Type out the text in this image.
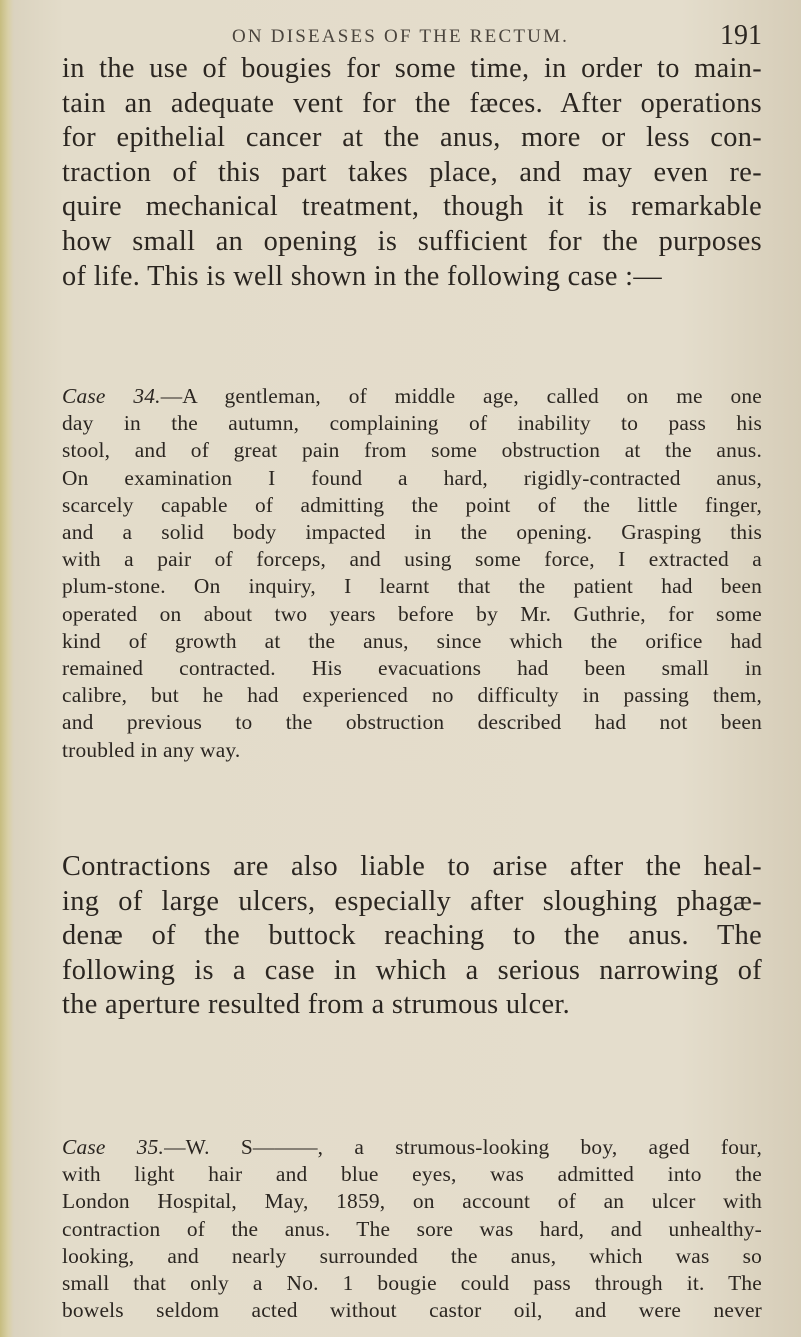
ON DISEASES OF THE RECTUM.	191
in the use of bougies for some time, in order to main-
tain an adequate vent for the fæces. After operations
for epithelial cancer at the anus, more or less con-
traction of this part takes place, and may even re-
quire mechanical treatment, though it is remarkable
how small an opening is sufficient for the purposes
of life. This is well shown in the following case :—
Case 34.—A gentleman, of middle age, called on me one
day in the autumn, complaining of inability to pass his
stool, and of great pain from some obstruction at the anus.
On examination I found a hard, rigidly-contracted anus,
scarcely capable of admitting the point of the little finger,
and a solid body impacted in the opening. Grasping this
with a pair of forceps, and using some force, I extracted a
plum-stone. On inquiry, I learnt that the patient had been
operated on about two years before by Mr. Guthrie, for some
kind of growth at the anus, since which the orifice had
remained contracted. His evacuations had been small in
calibre, but he had experienced no difficulty in passing them,
and previous to the obstruction described had not been
troubled in any way.
Contractions are also liable to arise after the heal-
ing of large ulcers, especially after sloughing phagæ-
denæ of the buttock reaching to the anus. The
following is a case in which a serious narrowing of
the aperture resulted from a strumous ulcer.
Case 35.—W. S———, a strumous-looking boy, aged four,
with light hair and blue eyes, was admitted into the
London Hospital, May, 1859, on account of an ulcer with
contraction of the anus. The sore was hard, and unhealthy-
looking, and nearly surrounded the anus, which was so
small that only a No. 1 bougie could pass through it. The
bowels seldom acted without castor oil, and were never
